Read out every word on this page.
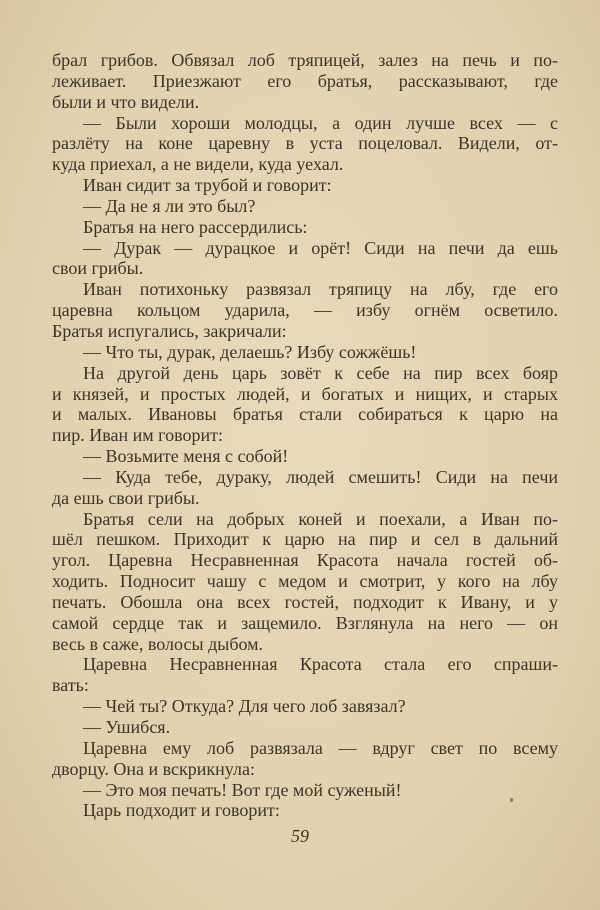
брал грибов. Обвязал лоб тряпицей, залез на печь и по-
леживает. Приезжают его братья, рассказывают, где
были и что видели.
— Были хороши молодцы, а один лучше всех — с
разлёту на коне царевну в уста поцеловал. Видели, от-
куда приехал, а не видели, куда уехал.
Иван сидит за трубой и говорит:
— Да не я ли это был?
Братья на него рассердились:
— Дурак — дурацкое и орёт! Сиди на печи да ешь
свои грибы.
Иван потихоньку развязал тряпицу на лбу, где его
царевна кольцом ударила, — избу огнём осветило.
Братья испугались, закричали:
— Что ты, дурак, делаешь? Избу сожжёшь!
На другой день царь зовёт к себе на пир всех бояр
и князей, и простых людей, и богатых и нищих, и старых
и малых. Ивановы братья стали собираться к царю на
пир. Иван им говорит:
— Возьмите меня с собой!
— Куда тебе, дураку, людей смешить! Сиди на печи
да ешь свои грибы.
Братья сели на добрых коней и поехали, а Иван по-
шёл пешком. Приходит к царю на пир и сел в дальний
угол. Царевна Несравненная Красота начала гостей об-
ходить. Подносит чашу с медом и смотрит, у кого на лбу
печать. Обошла она всех гостей, подходит к Ивану, и у
самой сердце так и защемило. Взглянула на него — он
весь в саже, волосы дыбом.
Царевна Несравненная Красота стала его спраши-
вать:
— Чей ты? Откуда? Для чего лоб завязал?
— Ушибся.
Царевна ему лоб развязала — вдруг свет по всему
дворцу. Она и вскрикнула:
— Это моя печать! Вот где мой суженый!
Царь подходит и говорит:
59
